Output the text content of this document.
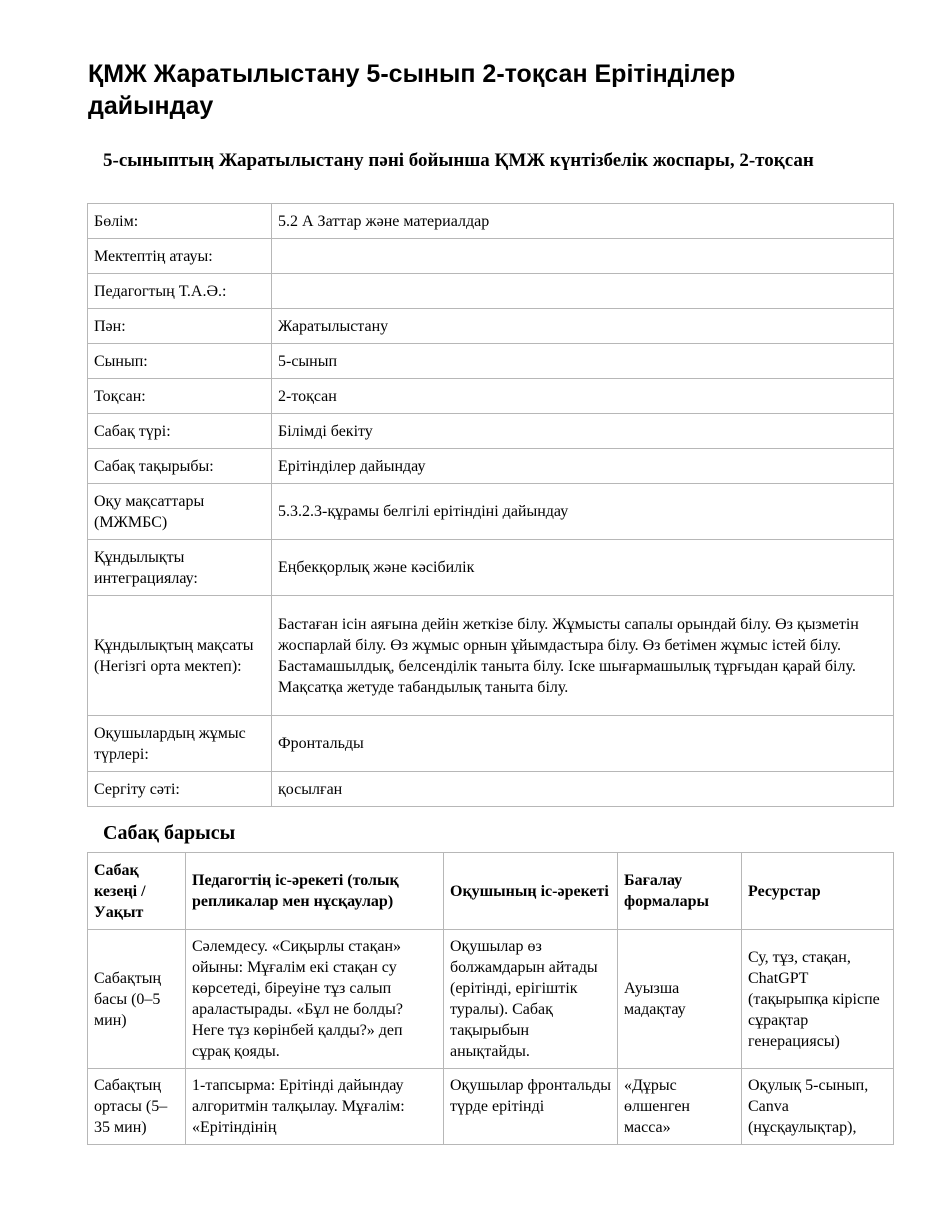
ҚМЖ Жаратылыстану 5-сынып 2-тоқсан Ерітінділер дайындау
5-сыныптың Жаратылыстану пәні бойынша ҚМЖ күнтізбелік жоспары, 2-тоқсан
Бөлім:	5.2 А Заттар және материалдар
Мектептің атауы:	
Педагогтың Т.А.Ә.:	
Пән:	Жаратылыстану
Сынып:	5-сынып
Тоқсан:	2-тоқсан
Сабақ түрі:	Білімді бекіту
Сабақ тақырыбы:	Ерітінділер дайындау
Оқу мақсаттары (МЖМБС)	5.3.2.3-құрамы белгілі ерітіндіні дайындау
Құндылықты интеграциялау:	Еңбекқорлық және кәсібилік
Құндылықтың мақсаты (Негізгі орта мектеп):	Бастаған ісін аяғына дейін жеткізе білу. Жұмысты сапалы орындай білу. Өз қызметін жоспарлай білу. Өз жұмыс орнын ұйымдастыра білу. Өз бетімен жұмыс істей білу. Бастамашылдық, белсенділік таныта білу. Іске шығармашылық тұрғыдан қарай білу. Мақсатқа жетуде табандылық таныта білу.
Оқушылардың жұмыс түрлері:	Фронтальды
Сергіту сәті:	қосылған
Сабақ барысы
Сабақ кезеңі / Уақыт	Педагогтің іс-әрекеті (толық репликалар мен нұсқаулар)	Оқушының іс-әрекеті	Бағалау формалары	Ресурстар
Сабақтың басы (0–5 мин)	Сәлемдесу. «Сиқырлы стақан» ойыны: Мұғалім екі стақан су көрсетеді, біреуіне тұз салып араластырады. «Бұл не болды? Неге тұз көрінбей қалды?» деп сұрақ қояды.	Оқушылар өз болжамдарын айтады (ерітінді, ерігіштік туралы). Сабақ тақырыбын анықтайды.	Ауызша мадақтау	Су, тұз, стақан, ChatGPT (тақырыпқа кіріспе сұрақтар генерациясы)

Сабақтың ортасы (5–35 мин)	1-тапсырма: Ерітінді дайындау алгоритмін талқылау. Мұғалім: «Ерітіндінің	Оқушылар фронтальды түрде ерітінді	«Дұрыс өлшенген масса»	Оқулық 5-сынып, Canva (нұсқаулықтар),
